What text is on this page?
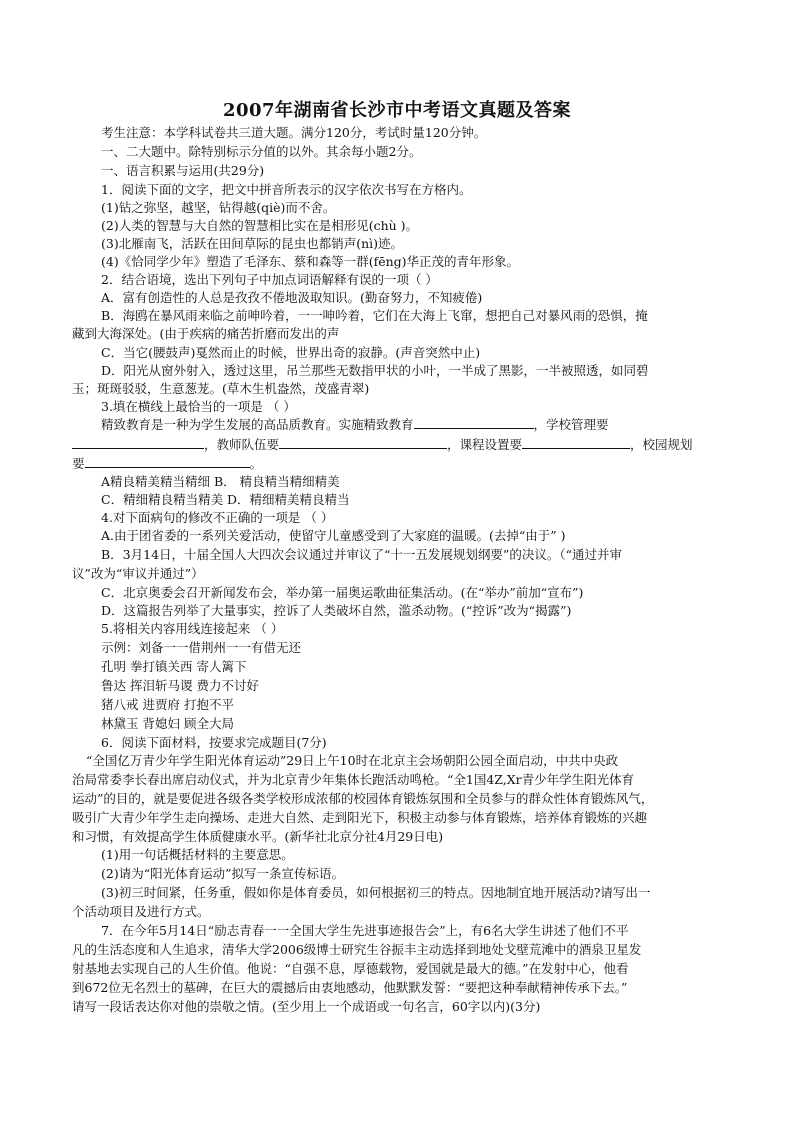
2007年湖南省长沙市中考语文真题及答案
考生注意：本学科试卷共三道大题。满分120分，考试时量120分钟。
一、二大题中。除特别标示分值的以外。其余每小题2分。
一、语言积累与运用(共29分)
1．阅读下面的文字，把文中拼音所表示的汉字依次书写在方格内。
(1)钻之弥坚，越坚，钻得越(qiè)而不舍。
(2)人类的智慧与大自然的智慧相比实在是相形见(chù )。
(3)北雁南飞，活跃在田间草际的昆虫也都销声(nì)迹。
(4)《恰同学少年》塑造了毛泽东、蔡和森等一群(fēng)华正茂的青年形象。
2．结合语境，选出下列句子中加点词语解释有误的一项（ ）
A．富有创造性的人总是孜孜不倦地汲取知识。(勤奋努力，不知疲倦)
B．海鸥在暴风雨来临之前呻吟着，一一呻吟着，它们在大海上飞窜，想把自己对暴风雨的恐惧，掩
藏到大海深处。(由于疾病的痛苦折磨而发出的声
C．当它(腰鼓声)戛然而止的时候，世界出奇的寂静。(声音突然中止)
D．阳光从窗外射入，透过这里，吊兰那些无数指甲状的小叶，一半成了黑影，一半被照透，如同碧
玉；斑斑驳驳，生意葱茏。(草木生机盎然，茂盛青翠)
3.填在横线上最恰当的一项是 （ ）
精致教育是一种为学生发展的高品质教育。实施精致教育	，学校管理要
，教师队伍要	，课程设置要	，校园规划
要	。
A精良精美精当精细 B． 精良精当精细精美
C．精细精良精当精美 D．精细精美精良精当
4.对下面病句的修改不正确的一项是 （ ）
A.由于团省委的一系列关爱活动，使留守儿童感受到了大家庭的温暖。(去掉“由于” )
B．3月14日，十届全国人大四次会议通过并审议了“十一五发展规划纲要”的决议。（“通过并审
议”改为“审议并通过”）
C．北京奥委会召开新闻发布会，举办第一届奥运歌曲征集活动。(在“举办”前加“宣布”)
D．这篇报告列举了大量事实，控诉了人类破坏自然，滥杀动物。(“控诉”改为“揭露”)
5.将相关内容用线连接起来 （ ）
示例：刘备一一借荆州一一有借无还
孔明 拳打镇关西 寄人篱下
鲁达 挥泪斩马谡 费力不讨好
猪八戒 进贾府 打抱不平
林黛玉 背媳妇 顾全大局
6．阅读下面材料，按要求完成题目(7分)
“全国亿万青少年学生阳光体育运动”29日上午10时在北京主会场朝阳公园全面启动，中共中央政
治局常委李长春出席启动仪式，并为北京青少年集体长跑活动鸣枪。“全1国4Z,Xr青少年学生阳光体育
运动”的目的，就是要促进各级各类学校形成浓郁的校园体育锻炼氛围和全员参与的群众性体育锻炼风气，
吸引广大青少年学生走向操场、走进大自然、走到阳光下，积极主动参与体育锻炼，培养体育锻炼的兴趣
和习惯，有效提高学生体质健康水平。(新华社北京分社4月29日电)
(1)用一句话概括材料的主要意思。
(2)请为“阳光体育运动”拟写一条宣传标语。
(3)初三时间紧，任务重，假如你是体育委员，如何根据初三的特点。因地制宜地开展活动?请写出一
个活动项目及进行方式。
7．在今年5月14日“励志青春一一全国大学生先进事迹报告会”上，有6名大学生讲述了他们不平
凡的生活态度和人生追求，清华大学2006级博士研究生谷振丰主动选择到地处戈壁荒滩中的酒泉卫星发
射基地去实现自己的人生价值。他说：“自强不息，厚德载物，爱国就是最大的德。”在发射中心，他看
到672位无名烈士的墓碑，在巨大的震撼后由衷地感动，他默默发誓：“要把这种奉献精神传承下去。”
请写一段话表达你对他的崇敬之情。(至少用上一个成语或一句名言，60字以内)(3分)
